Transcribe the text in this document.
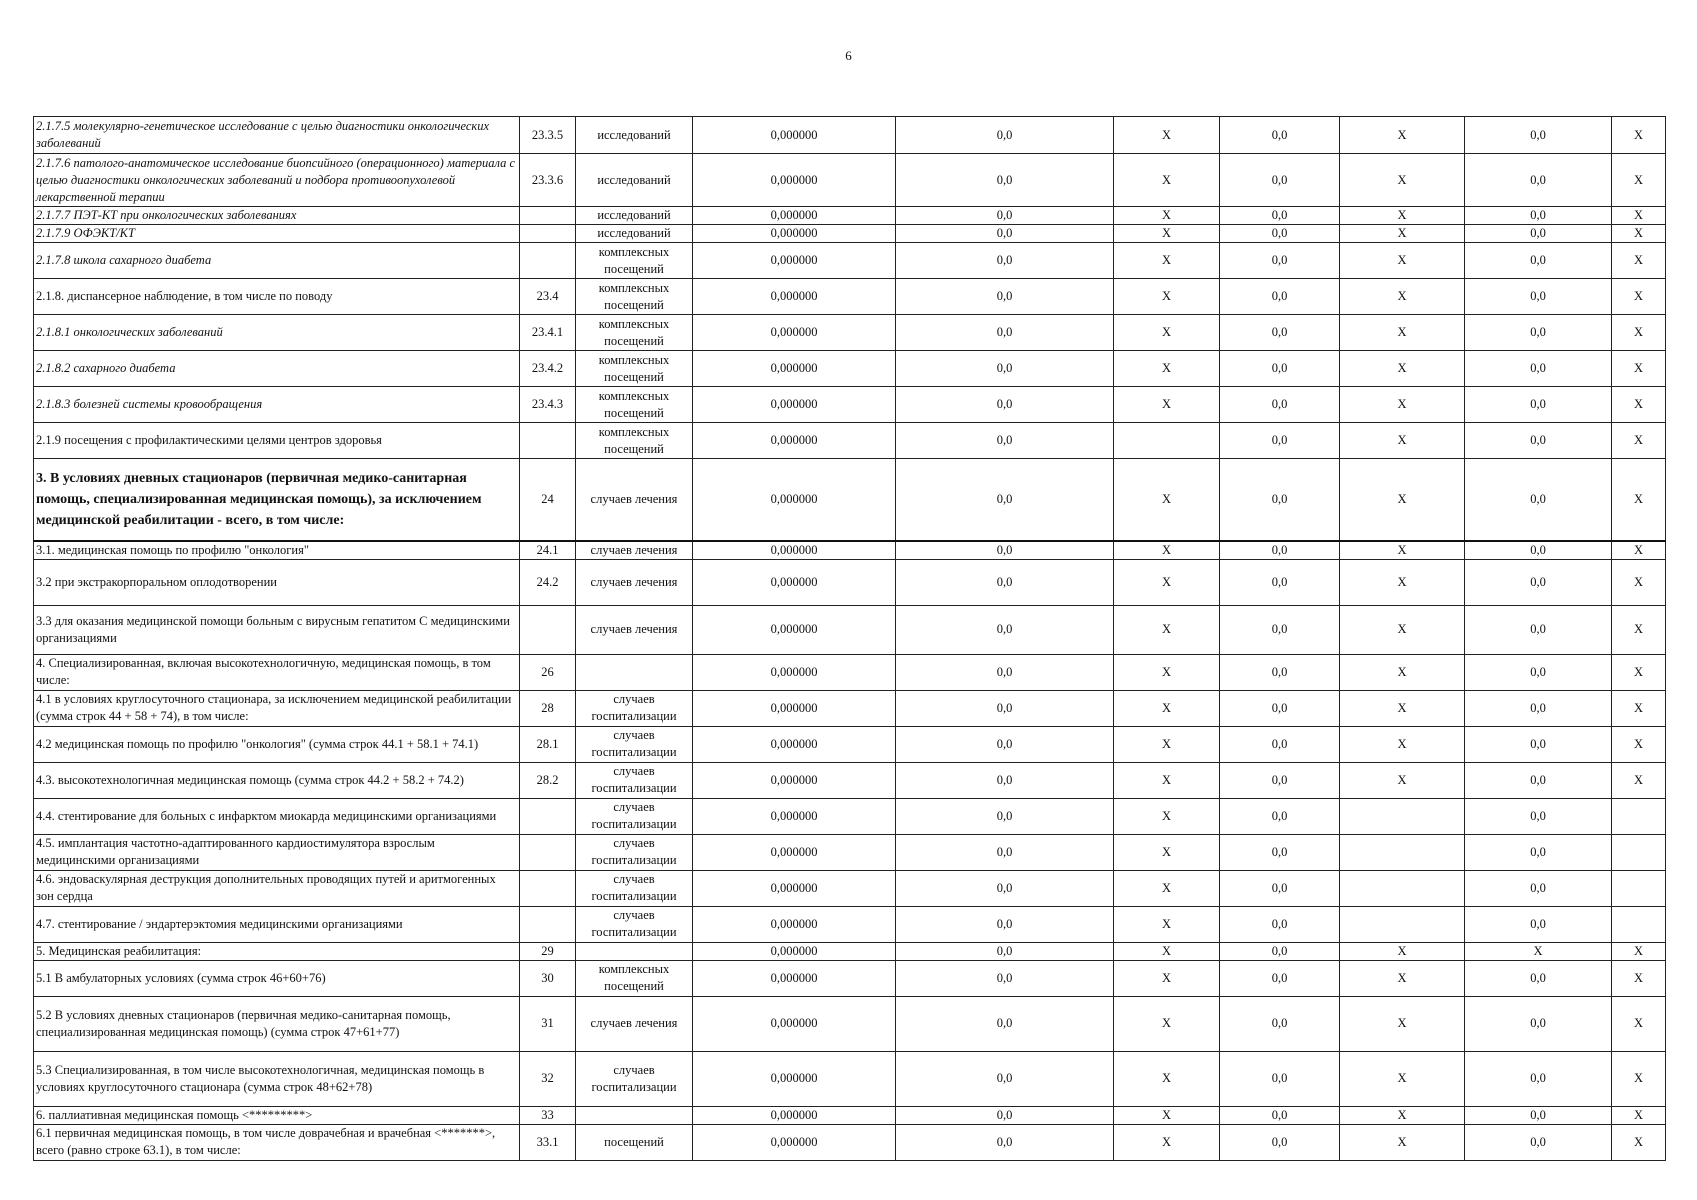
6
2.1.7.5 молекулярно-генетическое исследование с целью диагностики онкологических заболеваний	23.3.5	исследований	0,000000	0,0	X	0,0	X	0,0	X
2.1.7.6 патолого-анатомическое исследование биопсийного (операционного) материала с целью диагностики онкологических заболеваний и подбора противоопухолевой лекарственной терапии	23.3.6	исследований	0,000000	0,0	X	0,0	X	0,0	X
2.1.7.7 ПЭТ-КТ при онкологических заболеваниях		исследований	0,000000	0,0	X	0,0	X	0,0	X
2.1.7.9 ОФЭКТ/КТ		исследований	0,000000	0,0	X	0,0	X	0,0	X
2.1.7.8 школа сахарного диабета		комплексных посещений	0,000000	0,0	X	0,0	X	0,0	X
2.1.8. диспансерное наблюдение, в том числе по поводу	23.4	комплексных посещений	0,000000	0,0	X	0,0	X	0,0	X
2.1.8.1 онкологических заболеваний	23.4.1	комплексных посещений	0,000000	0,0	X	0,0	X	0,0	X
2.1.8.2 сахарного диабета	23.4.2	комплексных посещений	0,000000	0,0	X	0,0	X	0,0	X
2.1.8.3 болезней системы кровообращения	23.4.3	комплексных посещений	0,000000	0,0	X	0,0	X	0,0	X
2.1.9 посещения с профилактическими целями центров здоровья		комплексных посещений	0,000000	0,0		0,0	X	0,0	X
3. В условиях дневных стационаров (первичная медико-санитарная помощь, специализированная медицинская помощь), за исключением медицинской реабилитации - всего, в том числе:	24	случаев лечения	0,000000	0,0	X	0,0	X	0,0	X
3.1. медицинская помощь по профилю "онкология"	24.1	случаев лечения	0,000000	0,0	X	0,0	X	0,0	X
3.2 при экстракорпоральном оплодотворении	24.2	случаев лечения	0,000000	0,0	X	0,0	X	0,0	X
3.3 для оказания медицинской помощи больным с вирусным гепатитом С медицинскими организациями		случаев лечения	0,000000	0,0	X	0,0	X	0,0	X
4. Специализированная, включая высокотехнологичную, медицинская помощь, в том числе:	26		0,000000	0,0	X	0,0	X	0,0	X
4.1 в условиях круглосуточного стационара, за исключением медицинской реабилитации (сумма строк 44 + 58 + 74), в том числе:	28	случаев госпитализации	0,000000	0,0	X	0,0	X	0,0	X
4.2 медицинская помощь по профилю "онкология" (сумма строк 44.1 + 58.1 + 74.1)	28.1	случаев госпитализации	0,000000	0,0	X	0,0	X	0,0	X
4.3. высокотехнологичная медицинская помощь (сумма строк 44.2 + 58.2 + 74.2)	28.2	случаев госпитализации	0,000000	0,0	X	0,0	X	0,0	X
4.4. стентирование для больных с инфарктом миокарда медицинскими организациями		случаев госпитализации	0,000000	0,0	X	0,0		0,0	
4.5. имплантация частотно-адаптированного кардиостимулятора взрослым медицинскими организациями		случаев госпитализации	0,000000	0,0	X	0,0		0,0	
4.6. эндоваскулярная деструкция дополнительных проводящих путей и аритмогенных зон сердца		случаев госпитализации	0,000000	0,0	X	0,0		0,0	
4.7. стентирование / эндартерэктомия медицинскими организациями		случаев госпитализации	0,000000	0,0	X	0,0		0,0	
5. Медицинская реабилитация:	29		0,000000	0,0	X	0,0	X	X	X
5.1 В амбулаторных условиях (сумма строк 46+60+76)	30	комплексных посещений	0,000000	0,0	X	0,0	X	0,0	X
5.2 В условиях дневных стационаров (первичная медико-санитарная помощь, специализированная медицинская помощь) (сумма строк 47+61+77)	31	случаев лечения	0,000000	0,0	X	0,0	X	0,0	X
5.3 Специализированная, в том числе высокотехнологичная, медицинская помощь в условиях круглосуточного стационара (сумма строк 48+62+78)	32	случаев госпитализации	0,000000	0,0	X	0,0	X	0,0	X
6. паллиативная медицинская помощь <*********>	33		0,000000	0,0	X	0,0	X	0,0	X
6.1 первичная медицинская помощь, в том числе доврачебная и врачебная <*******>, всего (равно строке 63.1), в том числе:	33.1	посещений	0,000000	0,0	X	0,0	X	0,0	X
